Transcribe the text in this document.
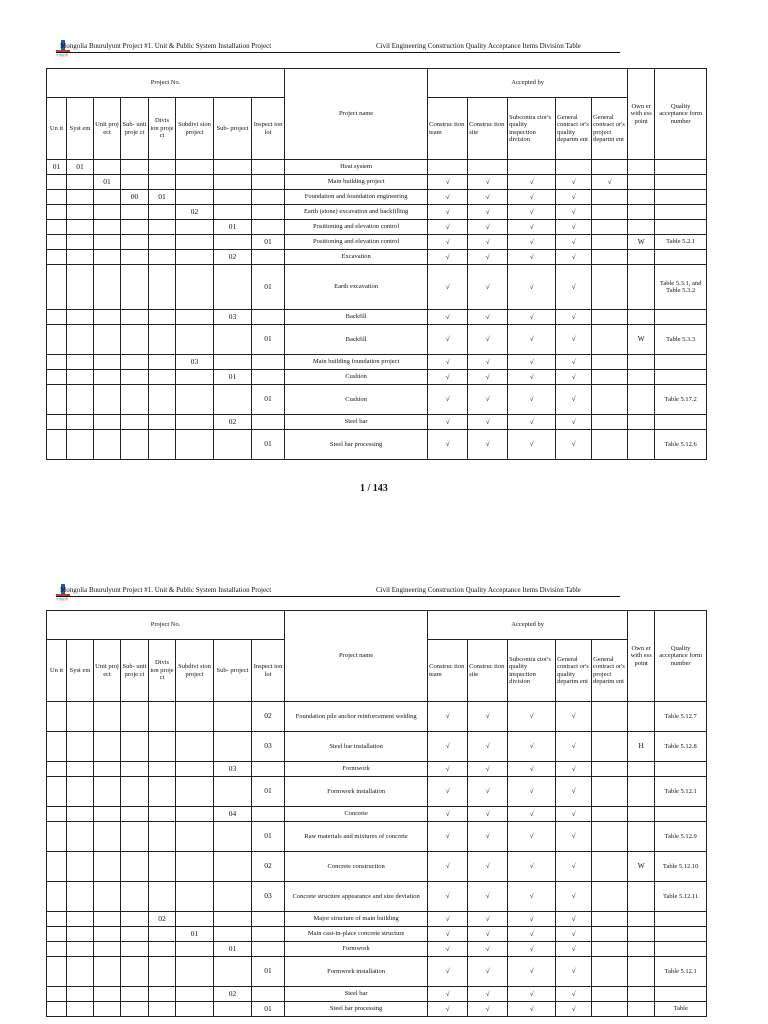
中国能建
Mongolia Buurulyunt Project #1. Unit & Public System Installation Project	Civil Engineering Construction Quality Acceptance Items Division Table
Project No.								Project name	Accepted by					Own er with ess point	Quality acceptance form number
Un it	Syst em	Unit proj ect	Sub- unit proje ct	Divis ion proje ct	Subdivi sion project	Sub- project	Inspect ion lot		Construc tion team	Construc tion site	Subcontra ctor's quality inspection division	General contract or's quality departm ent	General contract or's project departm ent		
01	01							Heat system							
		01						Main building project	√	√	√	√	√		
			00	01				Foundation and foundation engineering	√	√	√	√			
					02			Earth (stone) excavation and backfilling	√	√	√	√			
						01		Positioning and elevation control	√	√	√	√			
							01	Positioning and elevation control	√	√	√	√		W	Table 5.2.1
						02		Excavation	√	√	√	√			
							01	Earth excavation	√	√	√	√			Table 5.3.1, and Table 5.3.2
						03		Backfill	√	√	√	√			
							01	Backfill	√	√	√	√		W	Table 5.3.3
					03			Main building foundation project	√	√	√	√			
						01		Cushion	√	√	√	√			
							01	Cushion	√	√	√	√			Table 5.17.2
						02		Steel bar	√	√	√	√			
							01	Steel bar processing	√	√	√	√			Table 5.12.6
1 / 143
中国能建
Mongolia Buurulyunt Project #1. Unit & Public System Installation Project	Civil Engineering Construction Quality Acceptance Items Division Table
Project No.								Project name	Accepted by					Own er with ess point	Quality acceptance form number
Un it	Syst em	Unit proj ect	Sub- unit proje ct	Divis ion proje ct	Subdivi sion project	Sub- project	Inspect ion lot		Construc tion team	Construc tion site	Subcontra ctor's quality inspection division	General contract or's quality departm ent	General contract or's project departm ent		
							02	Foundation pile anchor reinforcement welding	√	√	√	√			Table 5.12.7
							03	Steel bar installation	√	√	√	√		H	Table 5.12.8
						03		Formwork	√	√	√	√			
							01	Formwork installation	√	√	√	√			Table 5.12.1
						04		Concrete	√	√	√	√			
							01	Raw materials and mixtures of concrete	√	√	√	√			Table 5.12.9
							02	Concrete construction	√	√	√	√		W	Table 5.12.10
							03	Concrete structure appearance and size deviation	√	√	√	√			Table 5.12.11
				02				Major structure of main building	√	√	√	√			
					01			Main cast-in-place concrete structure	√	√	√	√			
						01		Formwork	√	√	√	√			
							01	Formwork installation	√	√	√	√			Table 5.12.1
						02		Steel bar	√	√	√	√			
							01	Steel bar processing	√	√	√	√			Table
